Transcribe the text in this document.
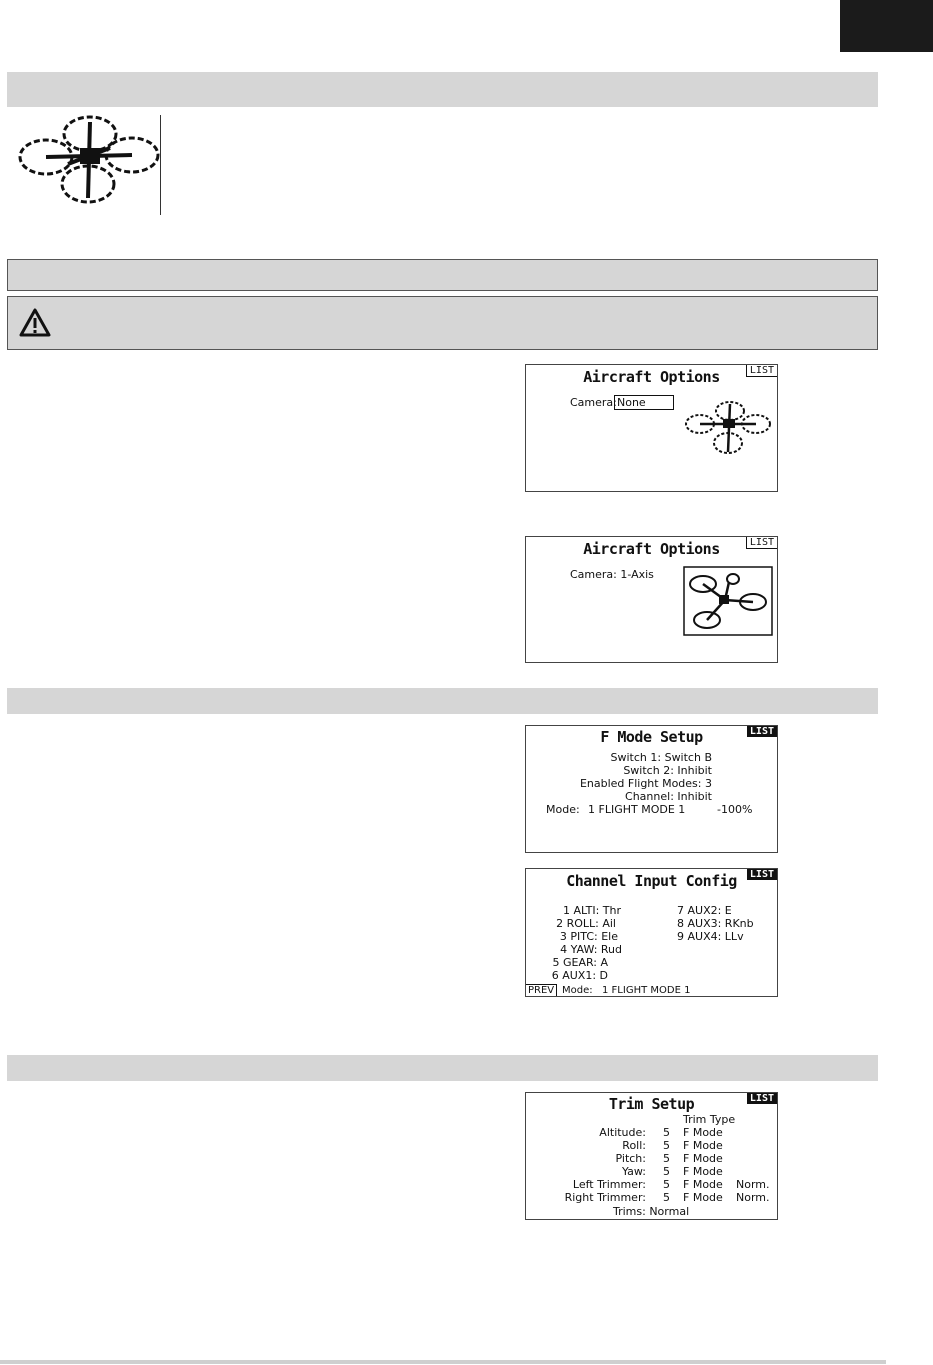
Aircraft Options	LIST
Camera: None
Aircraft Options	LIST
Camera: 1-Axis
F Mode Setup	LIST
Switch 1: Switch B
Switch 2: Inhibit
Enabled Flight Modes: 3
Channel: Inhibit
Mode: 1 FLIGHT MODE 1	-100%
Channel Input Config	LIST
1 ALTI: Thr
2 ROLL: Ail
3 PITC: Ele
4 YAW: Rud
5 GEAR: A
6 AUX1: D
7 AUX2: E
8 AUX3: RKnb
9 AUX4: LLv
PREV Mode: 1 FLIGHT MODE 1
Trim Setup	LIST
Trim Type
Altitude: 5 F Mode
Roll: 5 F Mode
Pitch: 5 F Mode
Yaw: 5 F Mode
Left Trimmer: 5 F Mode Norm.
Right Trimmer: 5 F Mode Norm.
Trims: Normal
